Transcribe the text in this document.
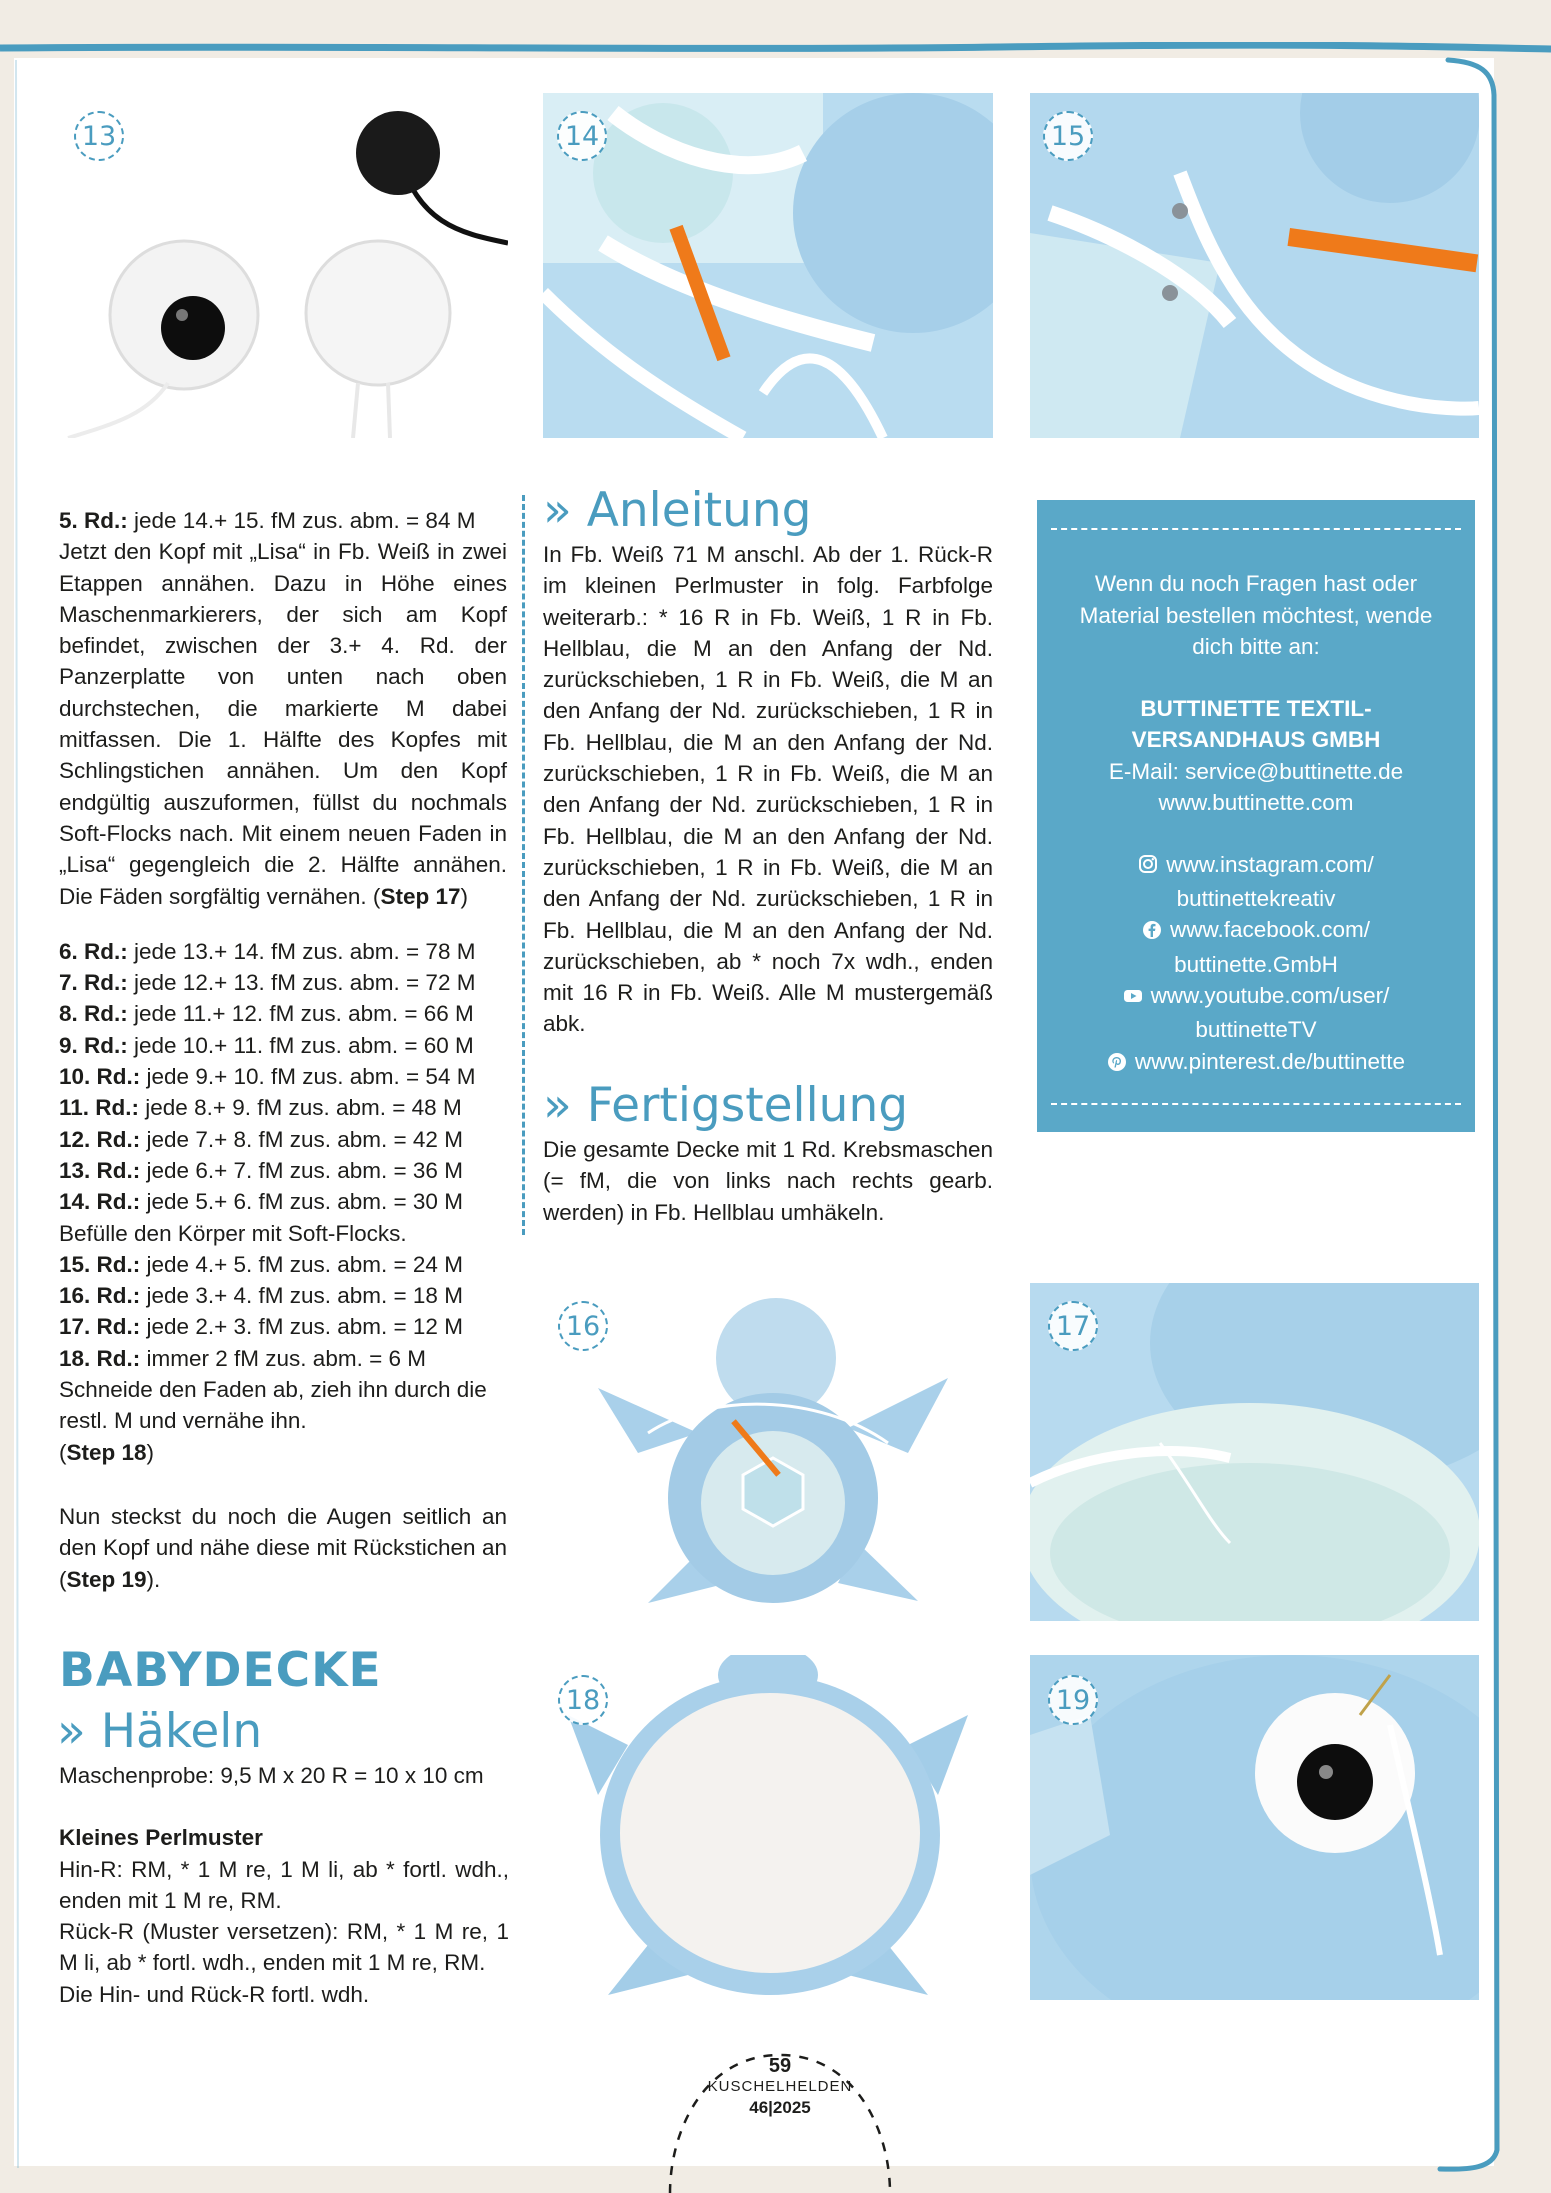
13	14	15

5. Rd.: jede 14.+ 15. fM zus. abm. = 84 M

Jetzt den Kopf mit „Lisa“ in Fb. Weiß in zwei Etappen annähen. Dazu in Höhe eines Maschenmarkierers, der sich am Kopf befindet, zwischen der 3.+ 4. Rd. der Panzerplatte von unten nach oben durchstechen, die markierte M dabei mitfassen. Die 1. Hälfte des Kopfes mit Schlingstichen annähen. Um den Kopf endgültig auszuformen, füllst du nochmals Soft-Flocks nach. Mit einem neuen Faden in „Lisa“ gegengleich die 2. Hälfte annähen. Die Fäden sorgfältig vernähen. (Step 17)

6. Rd.: jede 13.+ 14. fM zus. abm. = 78 M

7. Rd.: jede 12.+ 13. fM zus. abm. = 72 M

8. Rd.: jede 11.+ 12. fM zus. abm. = 66 M

9. Rd.: jede 10.+ 11. fM zus. abm. = 60 M

10. Rd.: jede 9.+ 10. fM zus. abm. = 54 M

11. Rd.: jede 8.+ 9. fM zus. abm. = 48 M

12. Rd.: jede 7.+ 8. fM zus. abm. = 42 M

13. Rd.: jede 6.+ 7. fM zus. abm. = 36 M

14. Rd.: jede 5.+ 6. fM zus. abm. = 30 M

Befülle den Körper mit Soft-Flocks.

15. Rd.: jede 4.+ 5. fM zus. abm. = 24 M

16. Rd.: jede 3.+ 4. fM zus. abm. = 18 M

17. Rd.: jede 2.+ 3. fM zus. abm. = 12 M

18. Rd.: immer 2 fM zus. abm. = 6 M

Schneide den Faden ab, zieh ihn durch die restl. M und vernähe ihn.

(Step 18)

Nun steckst du noch die Augen seitlich an den Kopf und nähe diese mit Rückstichen an (Step 19).

BABYDECKE
» Häkeln

Maschenprobe: 9,5 M x 20 R = 10 x 10 cm

Kleines Perlmuster

Hin-R: RM, * 1 M re, 1 M li, ab * fortl. wdh., enden mit 1 M re, RM.

Rück-R (Muster versetzen): RM, * 1 M re, 1 M li, ab * fortl. wdh., enden mit 1 M re, RM.

Die Hin- und Rück-R fortl. wdh.

» Anleitung

In Fb. Weiß 71 M anschl. Ab der 1. Rück-R im kleinen Perlmuster in folg. Farbfolge weiterarb.: * 16 R in Fb. Weiß, 1 R in Fb. Hellblau, die M an den Anfang der Nd. zurückschieben, 1 R in Fb. Weiß, die M an den Anfang der Nd. zurückschieben, 1 R in Fb. Hellblau, die M an den Anfang der Nd. zurückschieben, 1 R in Fb. Weiß, die M an den Anfang der Nd. zurückschieben, 1 R in Fb. Hellblau, die M an den Anfang der Nd. zurückschieben, 1 R in Fb. Weiß, die M an den Anfang der Nd. zurückschieben, 1 R in Fb. Hellblau, die M an den Anfang der Nd. zurückschieben, ab * noch 7x wdh., enden mit 16 R in Fb. Weiß. Alle M mustergemäß abk.

» Fertigstellung

Die gesamte Decke mit 1 Rd. Krebsmaschen (= fM, die von links nach rechts gearb. werden) in Fb. Hellblau umhäkeln.

Wenn du noch Fragen hast oder Material bestellen möchtest, wende dich bitte an:

BUTTINETTE TEXTIL-

VERSANDHAUS GMBH

E-Mail: service@buttinette.de

www.buttinette.com

www.instagram.com/

buttinettekreativ

www.facebook.com/

buttinette.GmbH

www.youtube.com/user/

buttinetteTV

www.pinterest.de/buttinette

16	17
18	19
59
KUSCHELHELDEN
46|2025
